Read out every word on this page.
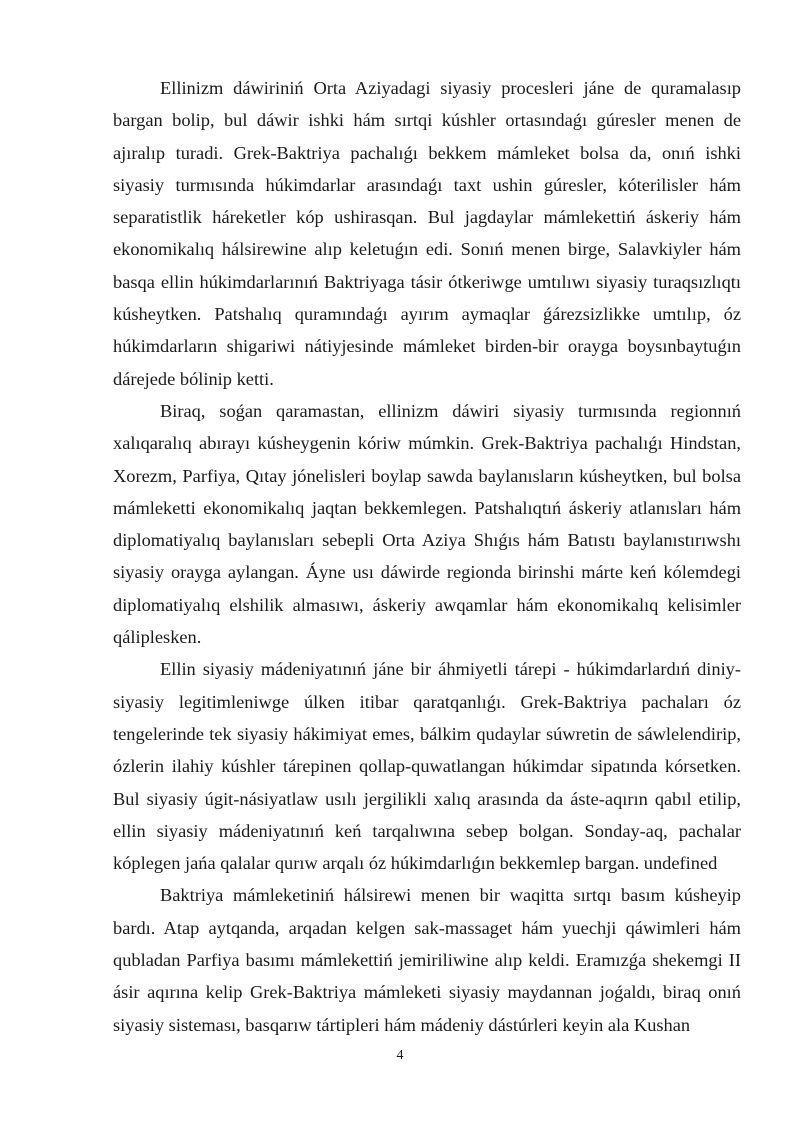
Ellinizm dáwiriniń Orta Aziyadagi siyasiy procesleri jáne de quramalasıp bargan bolip, bul dáwir ishki hám sırtqi kúshler ortasındaǵı gúresler menen de ajıralıp turadi. Grek-Baktriya pachalıǵı bekkem mámleket bolsa da, onıń ishki siyasiy turmısında húkimdarlar arasındaǵı taxt ushin gúresler, kóterilisler hám separatistlik háreketler kóp ushirasqan. Bul jagdaylar mámlekettiń áskeriy hám ekonomikalıq hálsirewine alıp keletuǵın edi. Sonıń menen birge, Salavkiyler hám basqa ellin húkimdarlarınıń Baktriyaga tásir ótkeriwge umtılıwı siyasiy turaqsızlıqtı kúsheytken. Patshalıq quramındaǵı ayırım aymaqlar ǵárezsizlikke umtılıp, óz húkimdarların shigariwi nátiyjesinde mámleket birden-bir orayga boysınbaytuǵın dárejede bólinip ketti.

Biraq, soǵan qaramastan, ellinizm dáwiri siyasiy turmısında regionnıń xalıqaralıq abırayı kúsheygenin kóriw múmkin. Grek-Baktriya pachalıǵı Hindstan, Xorezm, Parfiya, Qıtay jónelisleri boylap sawda baylanısların kúsheytken, bul bolsa mámleketti ekonomikalıq jaqtan bekkemlegen. Patshalıqtıń áskeriy atlanısları hám diplomatiyalıq baylanısları sebepli Orta Aziya Shıǵıs hám Batıstı baylanıstırıwshı siyasiy orayga aylangan. Áyne usı dáwirde regionda birinshi márte keń kólemdegi diplomatiyalıq elshilik almasıwı, áskeriy awqamlar hám ekonomikalıq kelisimler qáliplesken.

Ellin siyasiy mádeniyatınıń jáne bir áhmiyetli tárepi - húkimdarlardıń diniy-siyasiy legitimleniwge úlken itibar qaratqanlıǵı. Grek-Baktriya pachaları óz tengelerinde tek siyasiy hákimiyat emes, bálkim qudaylar súwretin de sáwlelendirip, ózlerin ilahiy kúshler tárepinen qollap-quwatlangan húkimdar sipatında kórsetken. Bul siyasiy úgit-násiyatlaw usılı jergilikli xalıq arasında da áste-aqırın qabıl etilip, ellin siyasiy mádeniyatınıń keń tarqalıwına sebep bolgan. Sonday-aq, pachalar kóplegen jańa qalalar qurıw arqalı óz húkimdarlıǵın bekkemlep bargan. undefined

Baktriya mámleketiniń hálsirewi menen bir waqitta sırtqı basım kúsheyip bardı. Atap aytqanda, arqadan kelgen sak-massaget hám yuechji qáwimleri hám qubladan Parfiya basımı mámlekettiń jemiriliwine alıp keldi. Eramızǵa shekemgi II ásir aqırına kelip Grek-Baktriya mámleketi siyasiy maydannan joǵaldı, biraq onıń siyasiy sisteması, basqarıw tártipleri hám mádeniy dástúrleri keyin ala Kushan

4
